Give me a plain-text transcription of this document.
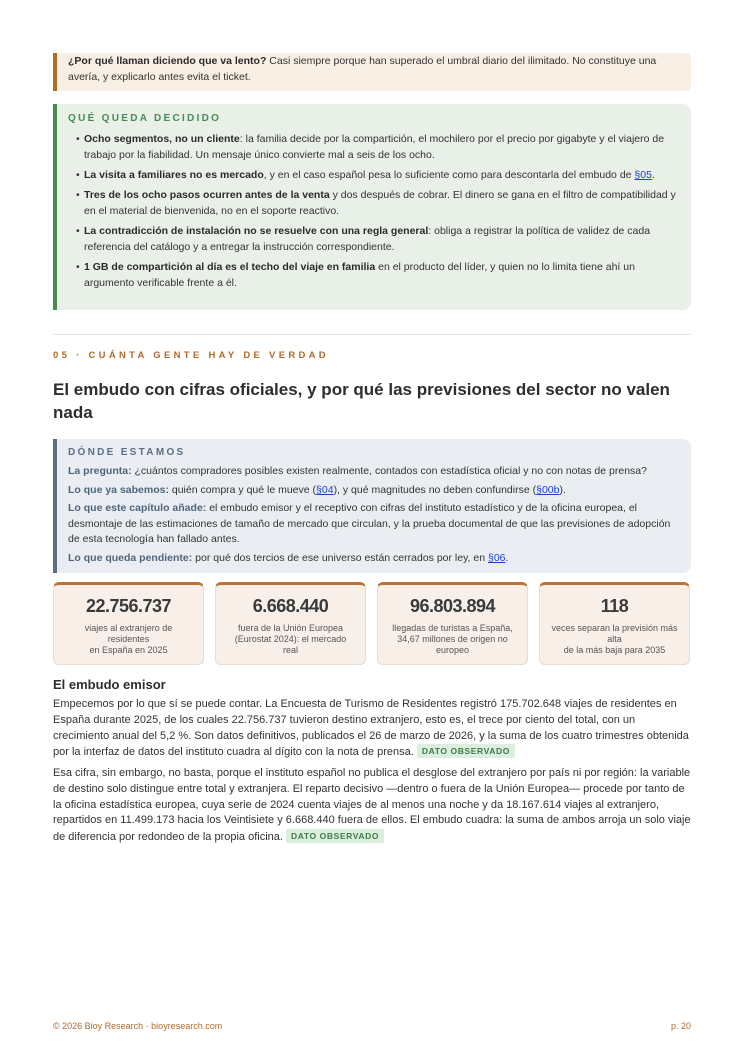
¿Por qué llaman diciendo que va lento? Casi siempre porque han superado el umbral diario del ilimitado. No constituye una avería, y explicarlo antes evita el ticket.
QUÉ QUEDA DECIDIDO
• Ocho segmentos, no un cliente: la familia decide por la compartición, el mochilero por el precio por gigabyte y el viajero de trabajo por la fiabilidad. Un mensaje único convierte mal a seis de los ocho.
• La visita a familiares no es mercado, y en el caso español pesa lo suficiente como para descontarla del embudo de §05.
• Tres de los ocho pasos ocurren antes de la venta y dos después de cobrar. El dinero se gana en el filtro de compatibilidad y en el material de bienvenida, no en el soporte reactivo.
• La contradicción de instalación no se resuelve con una regla general: obliga a registrar la política de validez de cada referencia del catálogo y a entregar la instrucción correspondiente.
• 1 GB de compartición al día es el techo del viaje en familia en el producto del líder, y quien no lo limita tiene ahí un argumento verificable frente a él.
05 · CUÁNTA GENTE HAY DE VERDAD
El embudo con cifras oficiales, y por qué las previsiones del sector no valen nada
DÓNDE ESTAMOS

La pregunta: ¿cuántos compradores posibles existen realmente, contados con estadística oficial y no con notas de prensa?

Lo que ya sabemos: quién compra y qué le mueve (§04), y qué magnitudes no deben confundirse (§00b).

Lo que este capítulo añade: el embudo emisor y el receptivo con cifras del instituto estadístico y de la oficina europea, el desmontaje de las estimaciones de tamaño de mercado que circulan, y la prueba documental de que las previsiones de adopción de esta tecnología han fallado antes.

Lo que queda pendiente: por qué dos tercios de ese universo están cerrados por ley, en §06.

22.756.737
viajes al extranjero de residentes
en España en 2025
6.668.440
fuera de la Unión Europea (Eurostat 2024): el mercado real
96.803.894
llegadas de turistas a España, 34,67 millones de origen no europeo
118
veces separan la previsión más alta
de la más baja para 2035
El embudo emisor

Empecemos por lo que sí se puede contar. La Encuesta de Turismo de Residentes registró 175.702.648 viajes de residentes en España durante 2025, de los cuales 22.756.737 tuvieron destino extranjero, esto es, el trece por ciento del total, con un crecimiento anual del 5,2 %. Son datos definitivos, publicados el 26 de marzo de 2026, y la suma de los cuatro trimestres obtenida por la interfaz de datos del instituto cuadra al dígito con la nota de prensa. DATO OBSERVADO

Esa cifra, sin embargo, no basta, porque el instituto español no publica el desglose del extranjero por país ni por región: la variable de destino solo distingue entre total y extranjera. El reparto decisivo —dentro o fuera de la Unión Europea— procede por tanto de la oficina estadística europea, cuya serie de 2024 cuenta viajes de al menos una noche y da 18.167.614 viajes al extranjero, repartidos en 11.499.173 hacia los Veintisiete y 6.668.440 fuera de ellos. El embudo cuadra: la suma de ambos arroja un solo viaje de diferencia por redondeo de la propia oficina. DATO OBSERVADO

© 2026 Bioy Research · bioyresearch.com	p. 20
